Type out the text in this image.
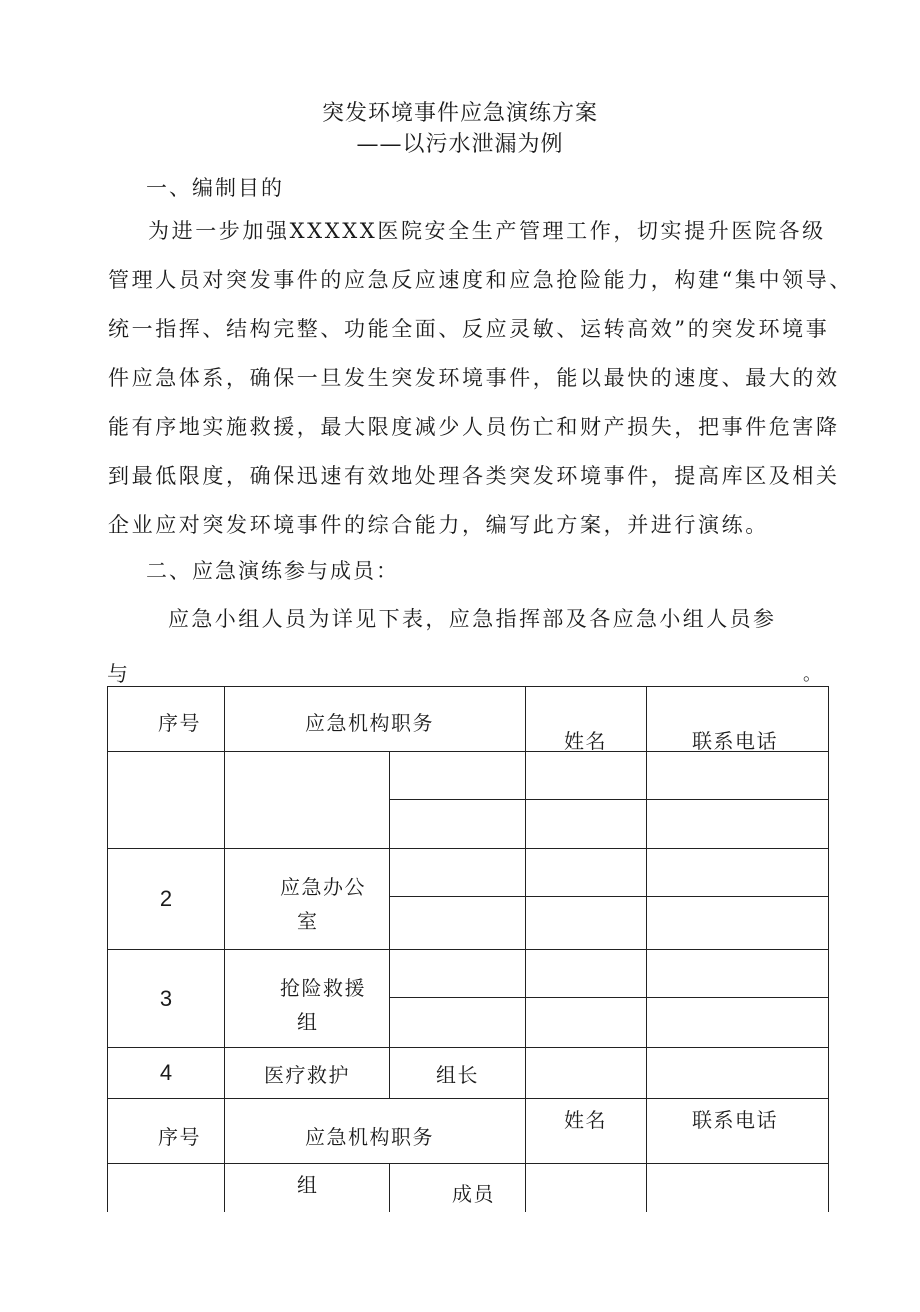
突发环境事件应急演练方案
——以污水泄漏为例
一、编制目的
为进一步加强XXXXX医院安全生产管理工作，切实提升医院各级
管理人员对突发事件的应急反应速度和应急抢险能力，构建“集中领导、
统一指挥、结构完整、功能全面、反应灵敏、运转高效”的突发环境事
件应急体系，确保一旦发生突发环境事件，能以最快的速度、最大的效
能有序地实施救援，最大限度减少人员伤亡和财产损失，把事件危害降
到最低限度，确保迅速有效地处理各类突发环境事件，提高库区及相关
企业应对突发环境事件的综合能力，编写此方案，并进行演练。
二、应急演练参与成员：
应急小组人员为详见下表，应急指挥部及各应急小组人员参
与	。
序号	应急机构职务		姓名	联系电话

2	应急办公
室			

3	抢险救援
组			

4	医疗救护	组长		

序号	应急机构职务		姓名	联系电话

	组	成员		
